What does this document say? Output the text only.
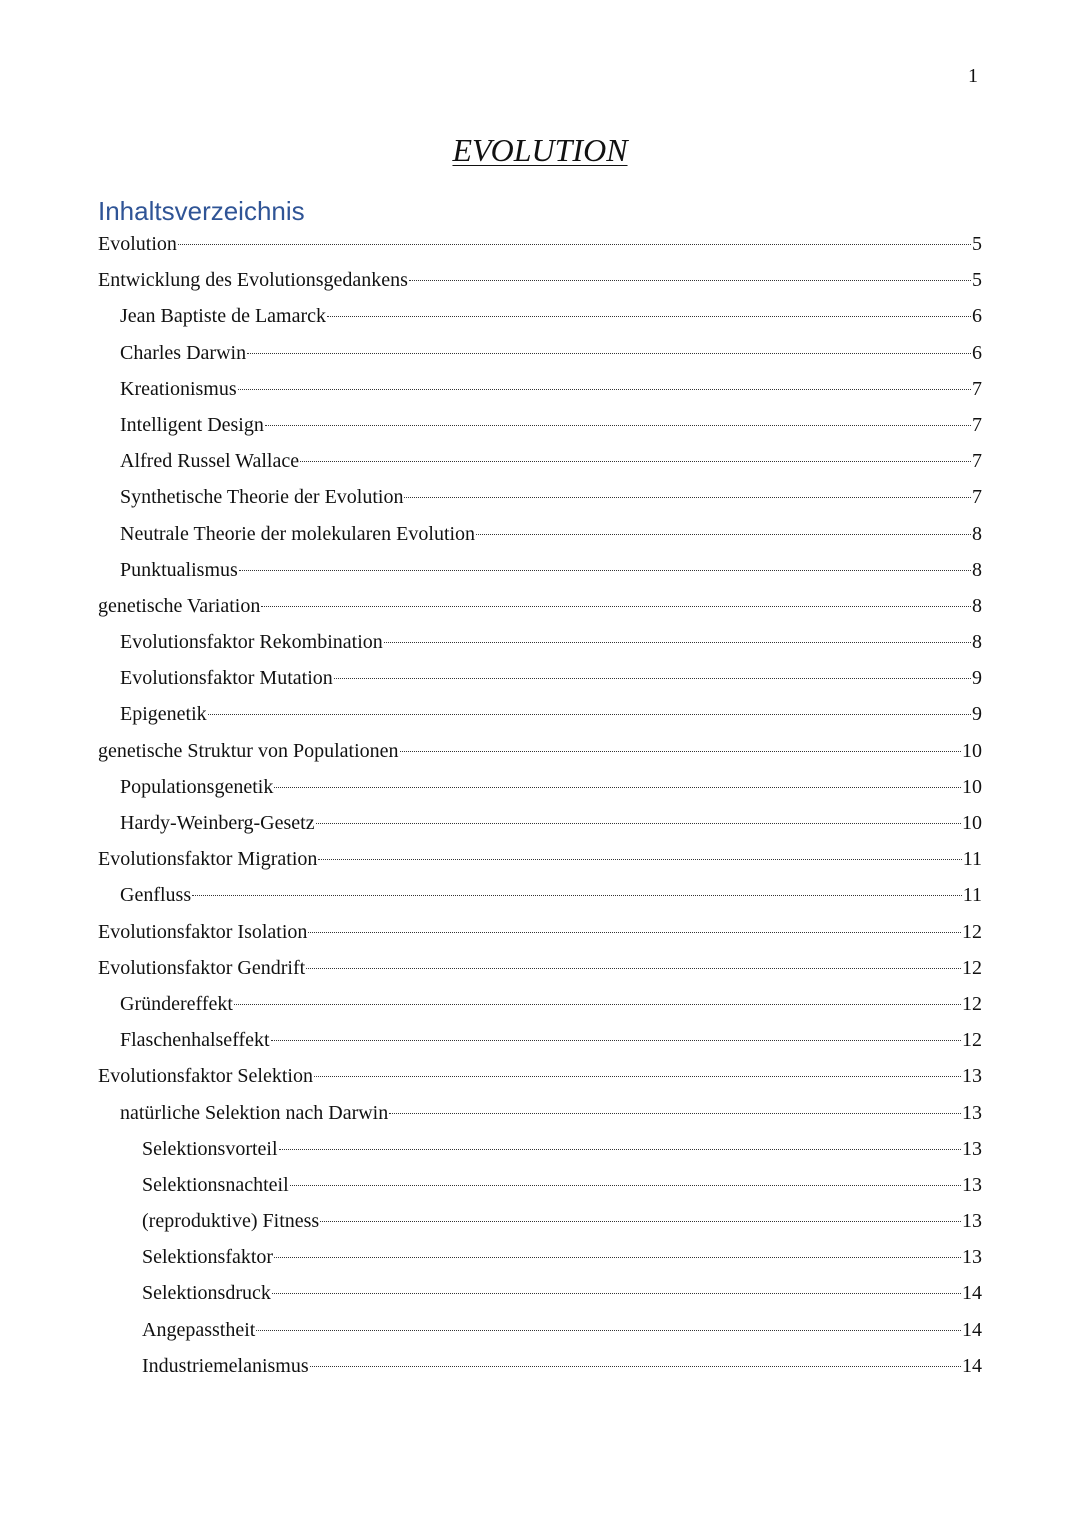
1
EVOLUTION
Inhaltsverzeichnis
Evolution	5
Entwicklung des Evolutionsgedankens	5
Jean Baptiste de Lamarck	6
Charles Darwin	6
Kreationismus	7
Intelligent Design	7
Alfred Russel Wallace	7
Synthetische Theorie der Evolution	7
Neutrale Theorie der molekularen Evolution	8
Punktualismus	8
genetische Variation	8
Evolutionsfaktor Rekombination	8
Evolutionsfaktor Mutation	9
Epigenetik	9
genetische Struktur von Populationen	10
Populationsgenetik	10
Hardy-Weinberg-Gesetz	10
Evolutionsfaktor Migration	11
Genfluss	11
Evolutionsfaktor Isolation	12
Evolutionsfaktor Gendrift	12
Gründereffekt	12
Flaschenhalseffekt	12
Evolutionsfaktor Selektion	13
natürliche Selektion nach Darwin	13
Selektionsvorteil	13
Selektionsnachteil	13
(reproduktive) Fitness	13
Selektionsfaktor	13
Selektionsdruck	14
Angepasstheit	14
Industriemelanismus	14
